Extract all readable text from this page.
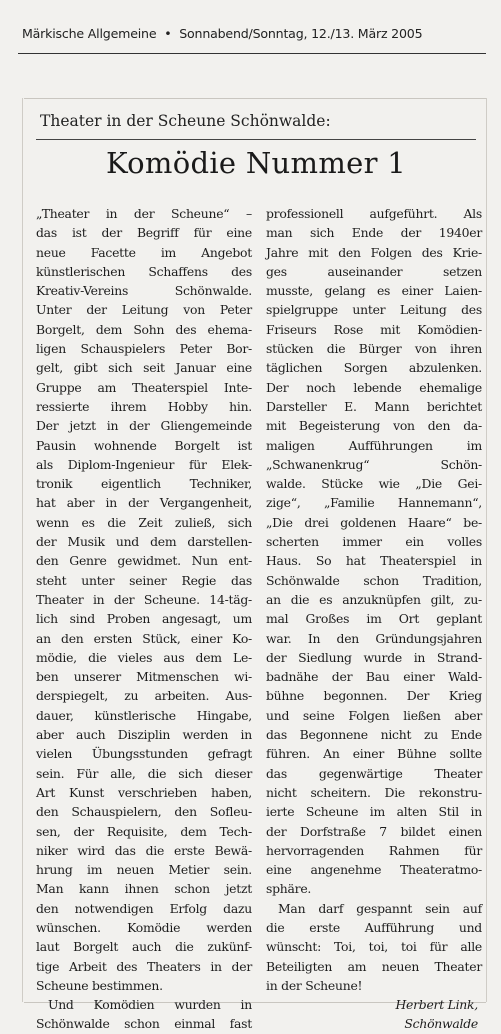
Märkische Allgemeine • Sonnabend/Sonntag, 12./13. März 2005
Theater in der Scheune Schönwalde:
Komödie Nummer 1
„Theater in der Scheune“ –
das ist der Begriff für eine
neue Facette im Angebot
künstlerischen Schaffens des
Kreativ-Vereins Schönwalde.
Unter der Leitung von Peter
Borgelt, dem Sohn des ehema-
ligen Schauspielers Peter Bor-
gelt, gibt sich seit Januar eine
Gruppe am Theaterspiel Inte-
ressierte ihrem Hobby hin.
Der jetzt in der Gliengemeinde
Pausin wohnende Borgelt ist
als Diplom-Ingenieur für Elek-
tronik eigentlich Techniker,
hat aber in der Vergangenheit,
wenn es die Zeit zuließ, sich
der Musik und dem darstellen-
den Genre gewidmet. Nun ent-
steht unter seiner Regie das
Theater in der Scheune. 14-täg-
lich sind Proben angesagt, um
an den ersten Stück, einer Ko-
mödie, die vieles aus dem Le-
ben unserer Mitmenschen wi-
derspiegelt, zu arbeiten. Aus-
dauer, künstlerische Hingabe,
aber auch Disziplin werden in
vielen Übungsstunden gefragt
sein. Für alle, die sich dieser
Art Kunst verschrieben haben,
den Schauspielern, den Sofleu-
sen, der Requisite, dem Tech-
niker wird das die erste Bewä-
hrung im neuen Metier sein.
Man kann ihnen schon jetzt
den notwendigen Erfolg dazu
wünschen. Komödie werden
laut Borgelt auch die zukünf-
tige Arbeit des Theaters in der
Scheune bestimmen.
Und Komödien wurden in
Schönwalde schon einmal fast
professionell aufgeführt. Als
man sich Ende der 1940er
Jahre mit den Folgen des Krie-
ges auseinander setzen
musste, gelang es einer Laien-
spielgruppe unter Leitung des
Friseurs Rose mit Komödien-
stücken die Bürger von ihren
täglichen Sorgen abzulenken.
Der noch lebende ehemalige
Darsteller E. Mann berichtet
mit Begeisterung von den da-
maligen Aufführungen im
„Schwanenkrug“ Schön-
walde. Stücke wie „Die Gei-
zige“, „Familie Hannemann“,
„Die drei goldenen Haare“ be-
scherten immer ein volles
Haus. So hat Theaterspiel in
Schönwalde schon Tradition,
an die es anzuknüpfen gilt, zu-
mal Großes im Ort geplant
war. In den Gründungsjahren
der Siedlung wurde in Strand-
badnähe der Bau einer Wald-
bühne begonnen. Der Krieg
und seine Folgen ließen aber
das Begonnene nicht zu Ende
führen. An einer Bühne sollte
das gegenwärtige Theater
nicht scheitern. Die rekonstru-
ierte Scheune im alten Stil in
der Dorfstraße 7 bildet einen
hervorragenden Rahmen für
eine angenehme Theateratmo-
sphäre.
Man darf gespannt sein auf
die erste Aufführung und
wünscht: Toi, toi, toi für alle
Beteiligten am neuen Theater
in der Scheune!
Herbert Link,
Schönwalde
